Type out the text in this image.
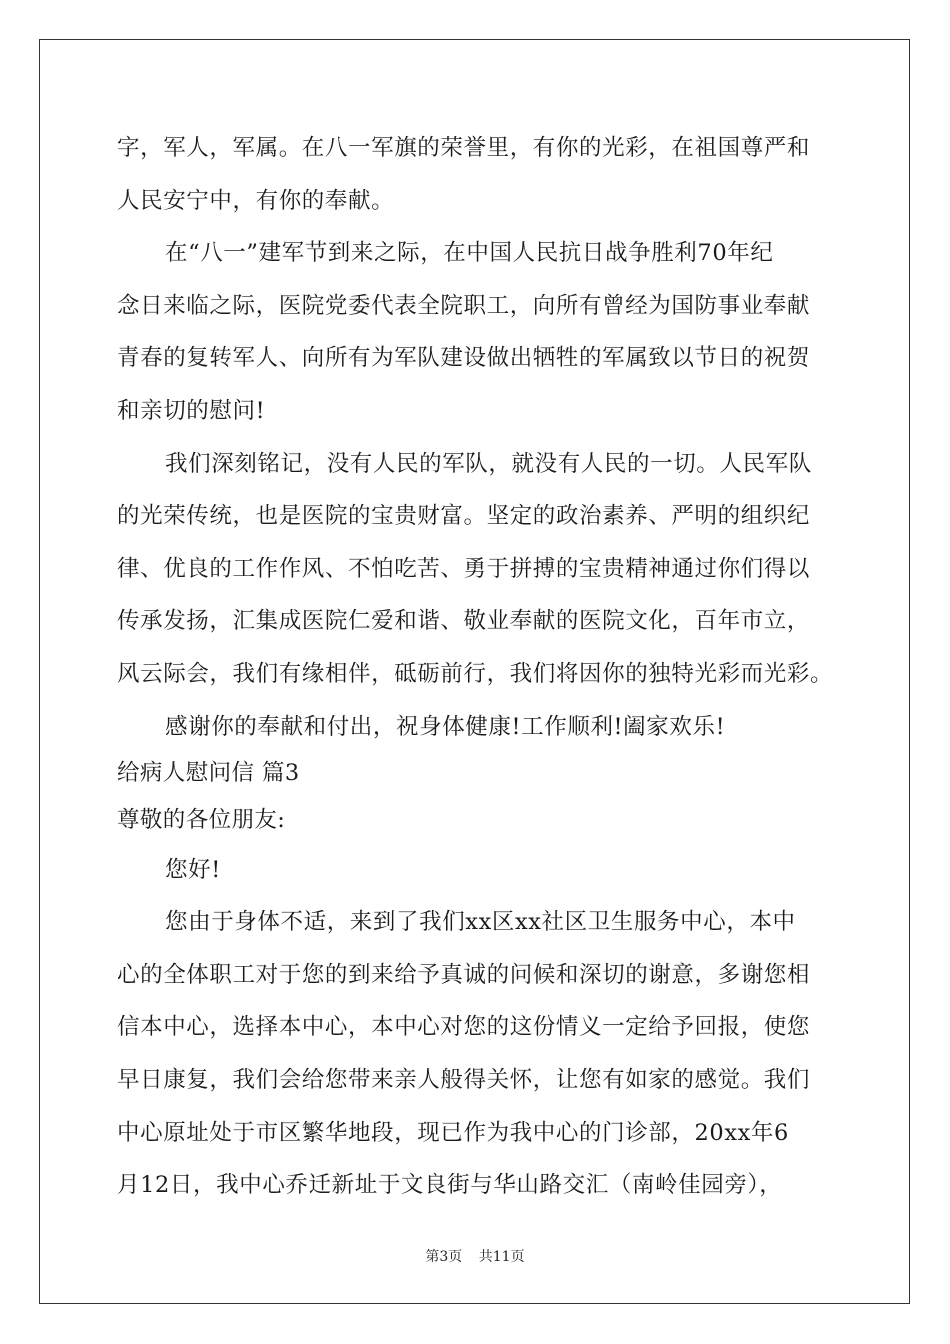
字，军人，军属。在八一军旗的荣誉里，有你的光彩，在祖国尊严和
人民安宁中，有你的奉献。
在“八一”建军节到来之际，在中国人民抗日战争胜利70年纪
念日来临之际，医院党委代表全院职工，向所有曾经为国防事业奉献
青春的复转军人、向所有为军队建设做出牺牲的军属致以节日的祝贺
和亲切的慰问!
我们深刻铭记，没有人民的军队，就没有人民的一切。人民军队
的光荣传统，也是医院的宝贵财富。坚定的政治素养、严明的组织纪
律、优良的工作作风、不怕吃苦、勇于拼搏的宝贵精神通过你们得以
传承发扬，汇集成医院仁爱和谐、敬业奉献的医院文化，百年市立，
风云际会，我们有缘相伴，砥砺前行，我们将因你的独特光彩而光彩。
感谢你的奉献和付出，祝身体健康!工作顺利!阖家欢乐!
给病人慰问信 篇3
尊敬的各位朋友:
您好!
您由于身体不适，来到了我们xx区xx社区卫生服务中心，本中
心的全体职工对于您的到来给予真诚的问候和深切的谢意，多谢您相
信本中心，选择本中心，本中心对您的这份情义一定给予回报，使您
早日康复，我们会给您带来亲人般得关怀，让您有如家的感觉。我们
中心原址处于市区繁华地段，现已作为我中心的门诊部，20xx年6
月12日，我中心乔迁新址于文良街与华山路交汇（南岭佳园旁），
第3页 共11页
